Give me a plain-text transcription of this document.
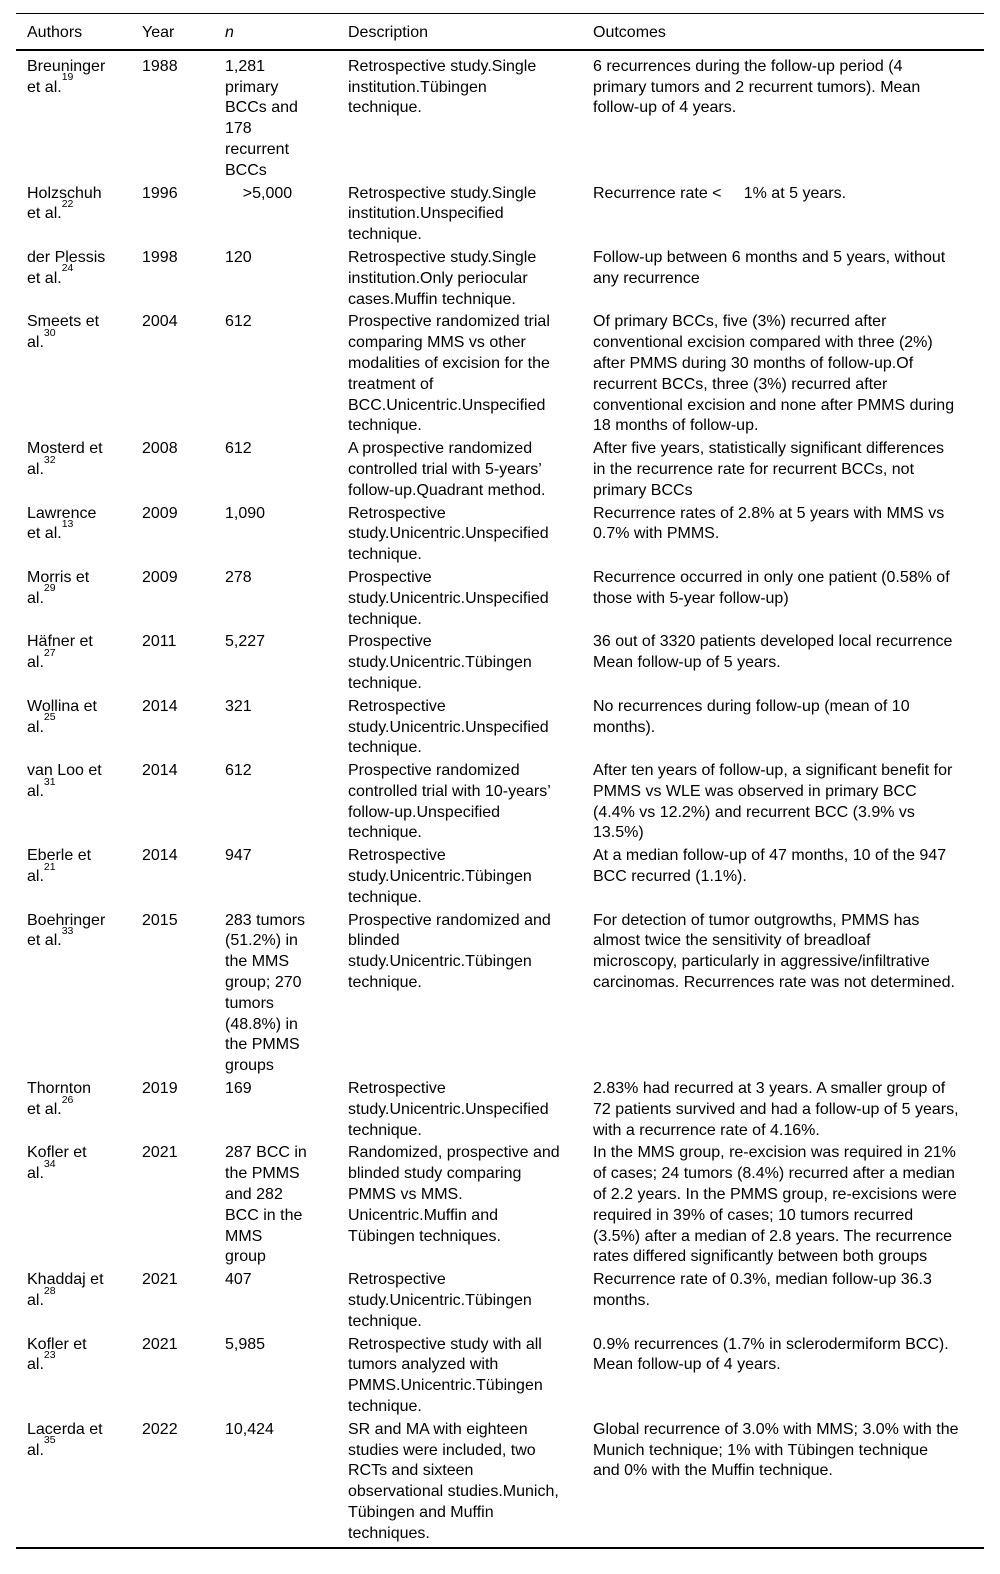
Authors	Year	n	Description	Outcomes
Breuninger et al.$^{19}$	1988	1,281 primary BCCs and 178 recurrent BCCs	Retrospective study.Single institution.Tübingen technique.	6 recurrences during the follow-up period (4 primary tumors and 2 recurrent tumors). Mean follow-up of 4 years.
Holzschuh et al.$^{22}$	1996	>5,000	Retrospective study.Single institution.Unspecified technique.	Recurrence rate <     1% at 5 years.
der Plessis et al.$^{24}$	1998	120	Retrospective study.Single institution.Only periocular cases.Muffin technique.	Follow-up between 6 months and 5 years, without any recurrence
Smeets et al.$^{30}$	2004	612	Prospective randomized trial comparing MMS vs other modalities of excision for the treatment of BCC.Unicentric.Unspecified technique.	Of primary BCCs, five (3%) recurred after conventional excision compared with three (2%) after PMMS during 30 months of follow-up.Of recurrent BCCs, three (3%) recurred after conventional excision and none after PMMS during 18 months of follow-up.
Mosterd et al.$^{32}$	2008	612	A prospective randomized controlled trial with 5-years’ follow-up.Quadrant method.	After five years, statistically significant differences in the recurrence rate for recurrent BCCs, not primary BCCs
Lawrence et al.$^{13}$	2009	1,090	Retrospective study.Unicentric.Unspecified technique.	Recurrence rates of 2.8% at 5 years with MMS vs 0.7% with PMMS.
Morris et al.$^{29}$	2009	278	Prospective study.Unicentric.Unspecified technique.	Recurrence occurred in only one patient (0.58% of those with 5-year follow-up)
Häfner et al.$^{27}$	2011	5,227	Prospective study.Unicentric.Tübingen technique.	36 out of 3320 patients developed local recurrence Mean follow-up of 5 years.
Wollina et al.$^{25}$	2014	321	Retrospective study.Unicentric.Unspecified technique.	No recurrences during follow-up (mean of 10 months).
van Loo et al.$^{31}$	2014	612	Prospective randomized controlled trial with 10-years’ follow-up.Unspecified technique.	After ten years of follow-up, a significant benefit for PMMS vs WLE was observed in primary BCC (4.4% vs 12.2%) and recurrent BCC (3.9% vs 13.5%)
Eberle et al.$^{21}$	2014	947	Retrospective study.Unicentric.Tübingen technique.	At a median follow-up of 47 months, 10 of the 947 BCC recurred (1.1%).
Boehringer et al.$^{33}$	2015	283 tumors (51.2%) in the MMS group; 270 tumors (48.8%) in the PMMS groups	Prospective randomized and blinded study.Unicentric.Tübingen technique.	For detection of tumor outgrowths, PMMS has almost twice the sensitivity of breadloaf microscopy, particularly in aggressive/infiltrative carcinomas. Recurrences rate was not determined.
Thornton et al.$^{26}$	2019	169	Retrospective study.Unicentric.Unspecified technique.	2.83% had recurred at 3 years. A smaller group of 72 patients survived and had a follow-up of 5 years, with a recurrence rate of 4.16%.
Kofler et al.$^{34}$	2021	287 BCC in the PMMS and 282 BCC in the MMS group	Randomized, prospective and blinded study comparing PMMS vs MMS. Unicentric.Muffin and Tübingen techniques.	In the MMS group, re-excision was required in 21% of cases; 24 tumors (8.4%) recurred after a median of 2.2 years. In the PMMS group, re-excisions were required in 39% of cases; 10 tumors recurred (3.5%) after a median of 2.8 years. The recurrence rates differed significantly between both groups
Khaddaj et al.$^{28}$	2021	407	Retrospective study.Unicentric.Tübingen technique.	Recurrence rate of 0.3%, median follow-up 36.3 months.
Kofler et al.$^{23}$	2021	5,985	Retrospective study with all tumors analyzed with PMMS.Unicentric.Tübingen technique.	0.9% recurrences (1.7% in sclerodermiform BCC). Mean follow-up of 4 years.
Lacerda et al.$^{35}$	2022	10,424	SR and MA with eighteen studies were included, two RCTs and sixteen observational studies.Munich, Tübingen and Muffin techniques.	Global recurrence of 3.0% with MMS; 3.0% with the Munich technique; 1% with Tübingen technique and 0% with the Muffin technique.
